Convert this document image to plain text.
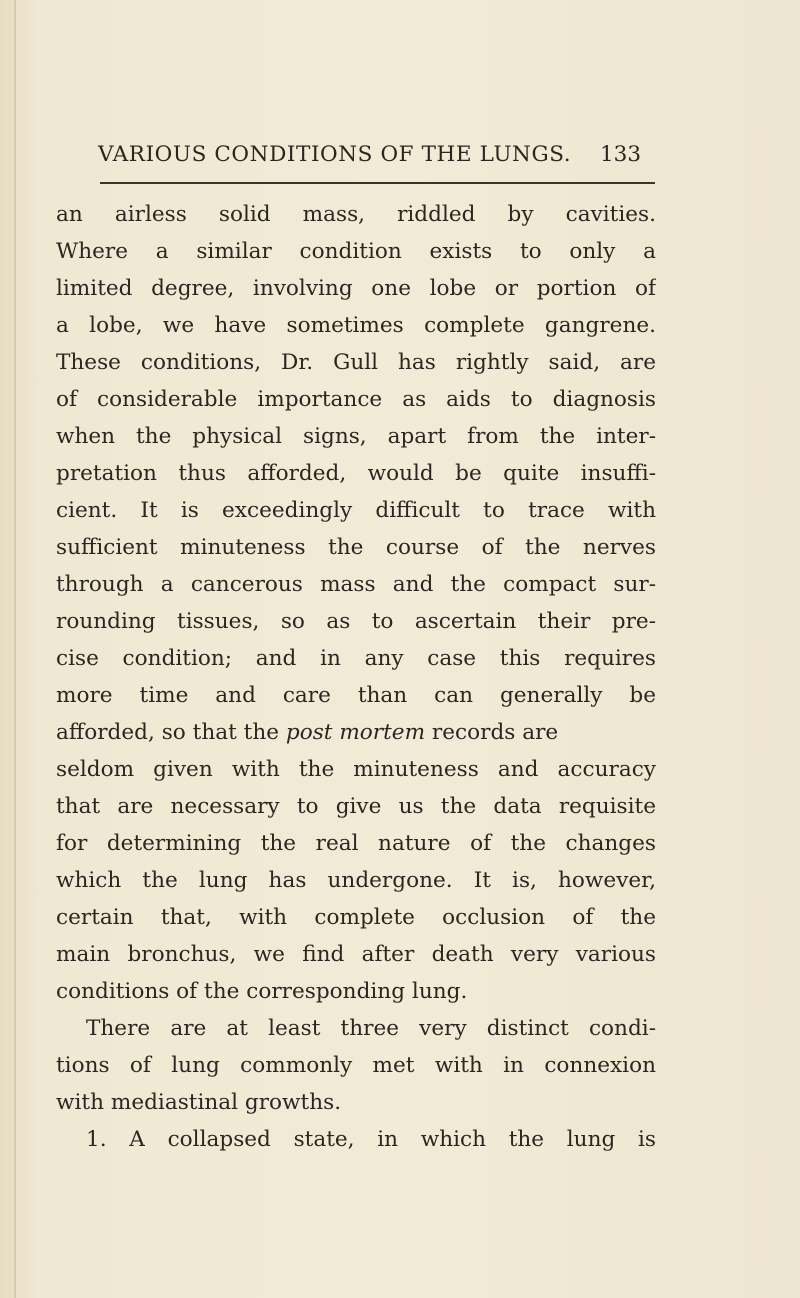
VARIOUS CONDITIONS OF THE LUNGS. 133
an airless solid mass, riddled by cavities.
Where a similar condition exists to only a
limited degree, involving one lobe or portion of
a lobe, we have sometimes complete gangrene.
These conditions, Dr. Gull has rightly said, are
of considerable importance as aids to diagnosis
when the physical signs, apart from the inter-
pretation thus afforded, would be quite insuffi-
cient. It is exceedingly difficult to trace with
sufficient minuteness the course of the nerves
through a cancerous mass and the compact sur-
rounding tissues, so as to ascertain their pre-
cise condition; and in any case this requires
more time and care than can generally be
afforded, so that the post mortem records are
seldom given with the minuteness and accuracy
that are necessary to give us the data requisite
for determining the real nature of the changes
which the lung has undergone. It is, however,
certain that, with complete occlusion of the
main bronchus, we find after death very various
conditions of the corresponding lung.
There are at least three very distinct condi-
tions of lung commonly met with in connexion
with mediastinal growths.
1. A collapsed state, in which the lung is
